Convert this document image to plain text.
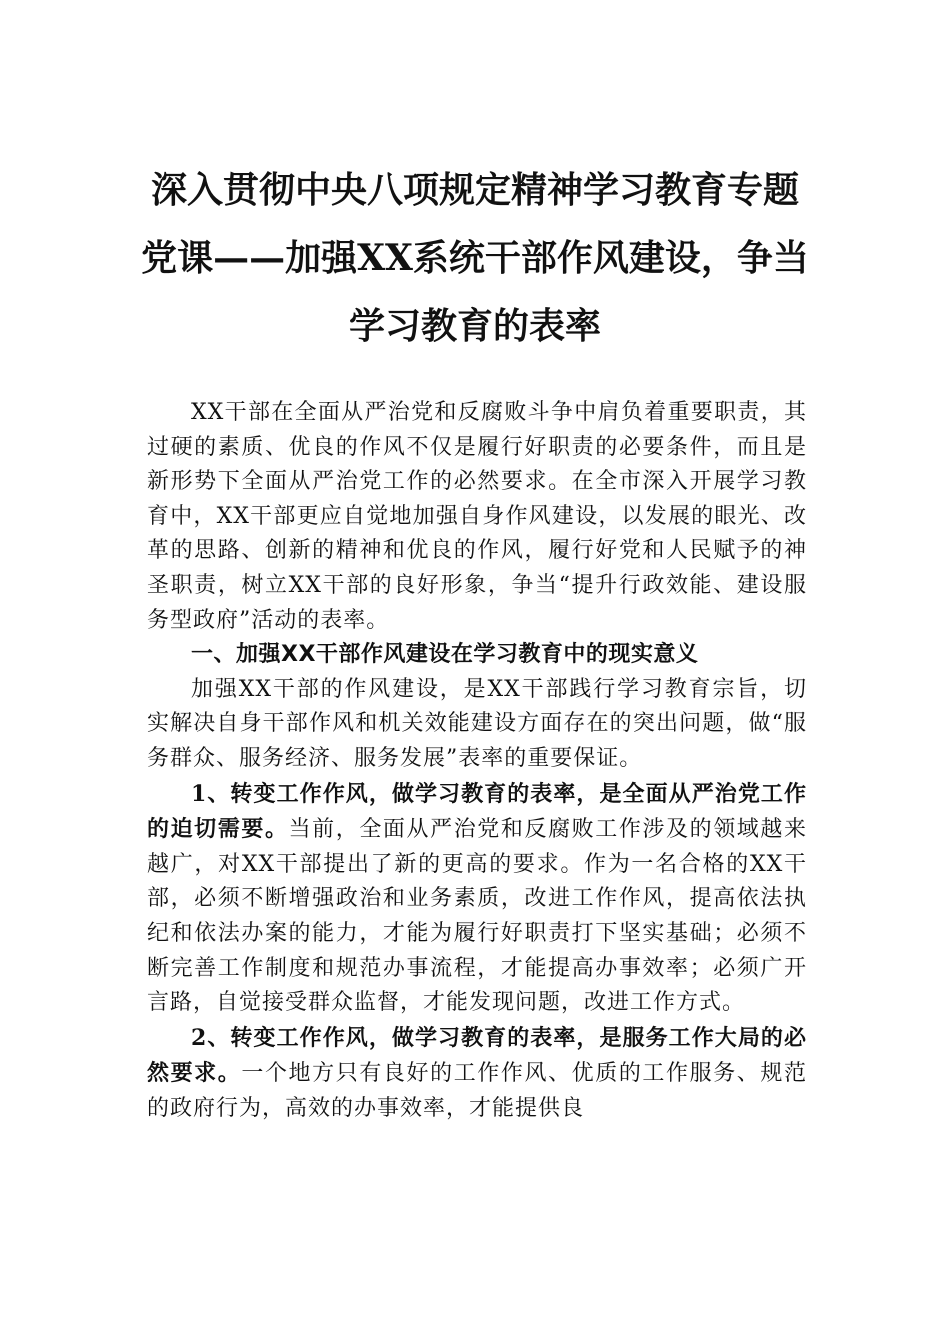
深入贯彻中央八项规定精神学习教育专题
党课——加强XX系统干部作风建设，争当
学习教育的表率

XX干部在全面从严治党和反腐败斗争中肩负着重要职责，其过硬的素质、优良的作风不仅是履行好职责的必要条件，而且是新形势下全面从严治党工作的必然要求。在全市深入开展学习教育中，XX干部更应自觉地加强自身作风建设，以发展的眼光、改革的思路、创新的精神和优良的作风，履行好党和人民赋予的神圣职责，树立XX干部的良好形象，争当“提升行政效能、建设服务型政府”活动的表率。

一、加强XX干部作风建设在学习教育中的现实意义

加强XX干部的作风建设，是XX干部践行学习教育宗旨，切实解决自身干部作风和机关效能建设方面存在的突出问题，做“服务群众、服务经济、服务发展”表率的重要保证。

1、转变工作作风，做学习教育的表率，是全面从严治党工作的迫切需要。当前，全面从严治党和反腐败工作涉及的领域越来越广，对XX干部提出了新的更高的要求。作为一名合格的XX干部，必须不断增强政治和业务素质，改进工作作风，提高依法执纪和依法办案的能力，才能为履行好职责打下坚实基础；必须不断完善工作制度和规范办事流程，才能提高办事效率；必须广开言路，自觉接受群众监督，才能发现问题，改进工作方式。

2、转变工作作风，做学习教育的表率，是服务工作大局的必然要求。一个地方只有良好的工作作风、优质的工作服务、规范的政府行为，高效的办事效率，才能提供良
